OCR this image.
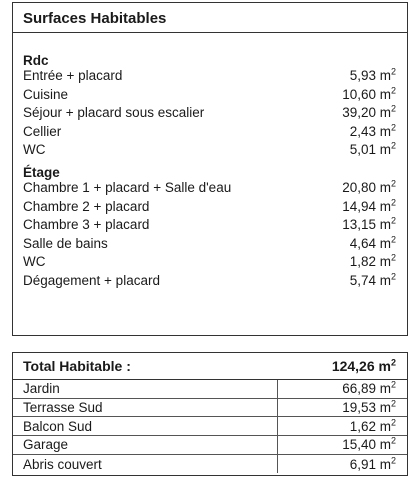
Surfaces Habitables
Rdc
Entrée + placard	5,93 $m^2$
Cuisine	10,60 $m^2$
Séjour + placard sous escalier	39,20 $m^2$
Cellier	2,43 $m^2$
WC	5,01 $m^2$
Étage
Chambre 1 + placard + Salle d'eau	20,80 $m^2$
Chambre 2 + placard	14,94 $m^2$
Chambre 3 + placard	13,15 $m^2$
Salle de bains	4,64 $m^2$
WC	1,82 $m^2$
Dégagement + placard	5,74 $m^2$
Total Habitable :	124,26 $m^2$
Jardin	66,89 $m^2$
Terrasse Sud	19,53 $m^2$
Balcon Sud	1,62 $m^2$
Garage	15,40 $m^2$
Abris couvert	6,91 $m^2$
